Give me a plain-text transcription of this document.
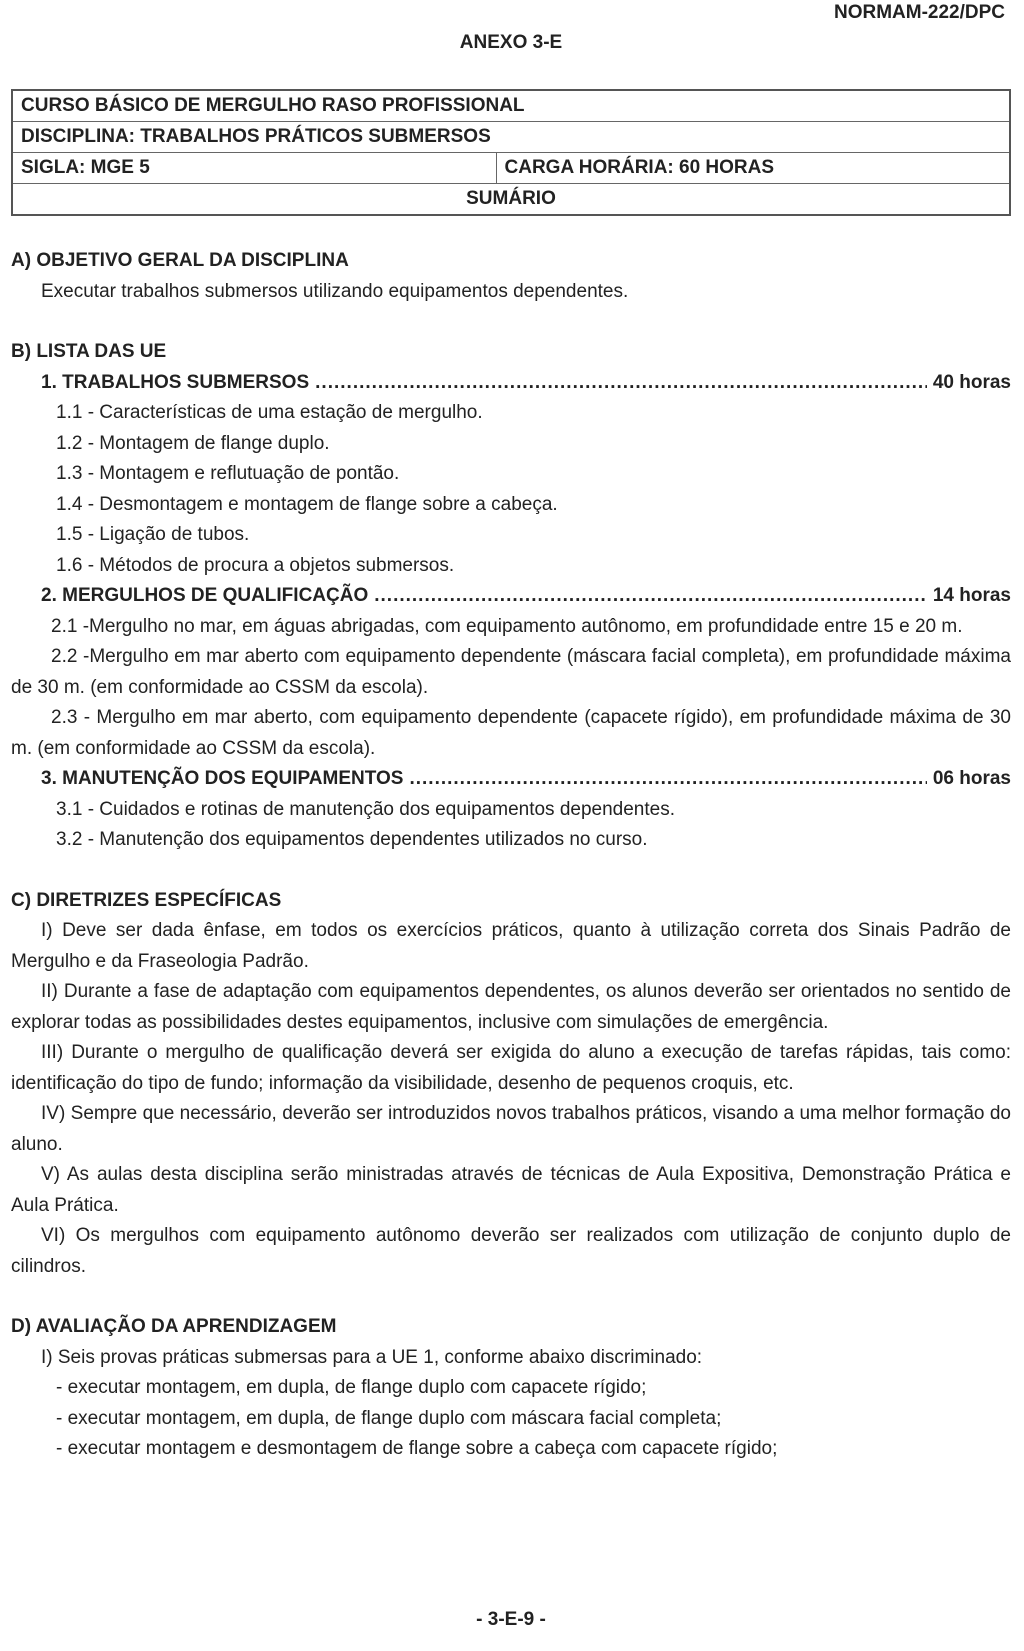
NORMAM-222/DPC
ANEXO 3-E
CURSO BÁSICO DE MERGULHO RASO PROFISSIONAL
DISCIPLINA: TRABALHOS PRÁTICOS SUBMERSOS
SIGLA: MGE 5	CARGA HORÁRIA: 60 HORAS
SUMÁRIO

A) OBJETIVO GERAL DA DISCIPLINA

Executar trabalhos submersos utilizando equipamentos dependentes.

B) LISTA DAS UE

1. TRABALHOS SUBMERSOS .....	40 horas

1.1 - Características de uma estação de mergulho.

1.2 - Montagem de flange duplo.

1.3 - Montagem e reflutuação de pontão.

1.4 - Desmontagem e montagem de flange sobre a cabeça.

1.5 - Ligação de tubos.

1.6 - Métodos de procura a objetos submersos.

2. MERGULHOS DE QUALIFICAÇÃO .....	14 horas

2.1 -Mergulho no mar, em águas abrigadas, com equipamento autônomo, em profundidade entre 15 e 20 m.

2.2 -Mergulho em mar aberto com equipamento dependente (máscara facial completa), em profundidade máxima de 30 m. (em conformidade ao CSSM da escola).

2.3 - Mergulho em mar aberto, com equipamento dependente (capacete rígido), em profundidade máxima de 30 m. (em conformidade ao CSSM da escola).

3. MANUTENÇÃO DOS EQUIPAMENTOS .....	06 horas

3.1 - Cuidados e rotinas de manutenção dos equipamentos dependentes.

3.2 - Manutenção dos equipamentos dependentes utilizados no curso.

C) DIRETRIZES ESPECÍFICAS

I) Deve ser dada ênfase, em todos os exercícios práticos, quanto à utilização correta dos Sinais Padrão de Mergulho e da Fraseologia Padrão.

II) Durante a fase de adaptação com equipamentos dependentes, os alunos deverão ser orientados no sentido de explorar todas as possibilidades destes equipamentos, inclusive com simulações de emergência.

III) Durante o mergulho de qualificação deverá ser exigida do aluno a execução de tarefas rápidas, tais como: identificação do tipo de fundo; informação da visibilidade, desenho de pequenos croquis, etc.

IV) Sempre que necessário, deverão ser introduzidos novos trabalhos práticos, visando a uma melhor formação do aluno.

V) As aulas desta disciplina serão ministradas através de técnicas de Aula Expositiva, Demonstração Prática e Aula Prática.

VI) Os mergulhos com equipamento autônomo deverão ser realizados com utilização de conjunto duplo de cilindros.

D) AVALIAÇÃO DA APRENDIZAGEM

I) Seis provas práticas submersas para a UE 1, conforme abaixo discriminado:

- executar montagem, em dupla, de flange duplo com capacete rígido;

- executar montagem, em dupla, de flange duplo com máscara facial completa;

- executar montagem e desmontagem de flange sobre a cabeça com capacete rígido;

- 3-E-9 -
